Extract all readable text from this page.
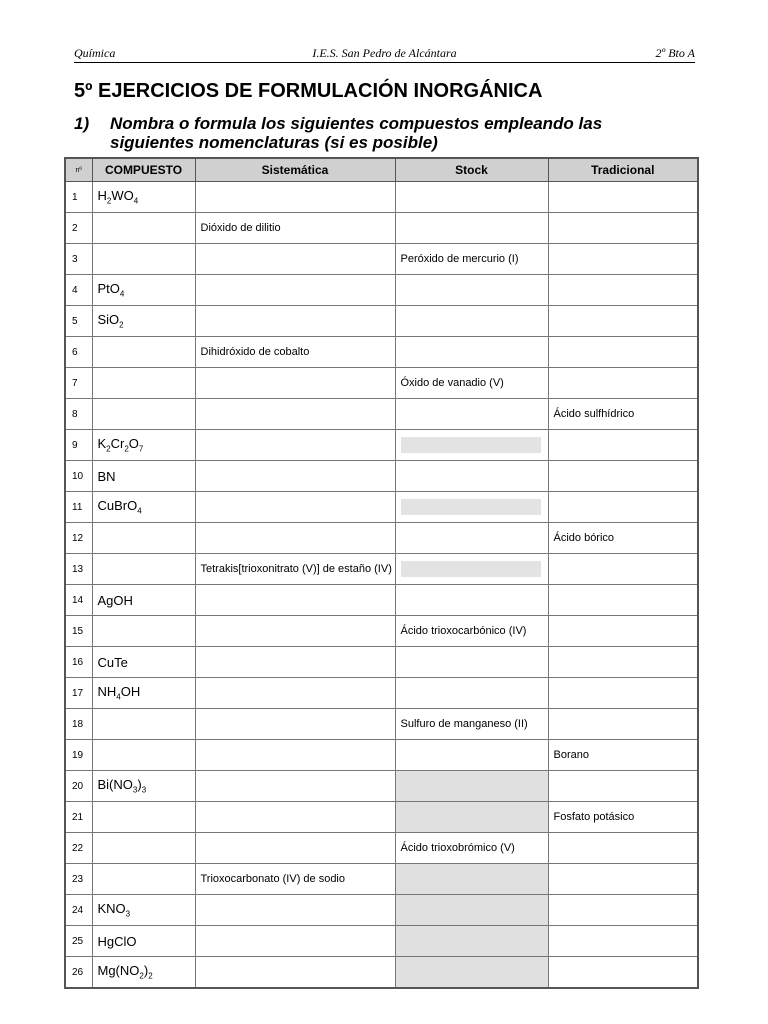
Química	I.E.S. San Pedro de Alcántara	2º Bto A
5º EJERCICIOS DE FORMULACIÓN INORGÁNICA
1) Nombra o formula los siguientes compuestos empleando las siguientes nomenclaturas (si es posible)
nº	COMPUESTO	Sistemática	Stock	Tradicional
1	$H_2WO_4$			
2		Dióxido de dilitio		
3			Peróxido de mercurio (I)	
4	PtO$_4$			
5	SiO$_2$			
6		Dihidróxido de cobalto		
7			Óxido de vanadio (V)	
8				Ácido sulfhídrico
9	$K_2Cr_2O_7$		

10	BN			
11	CuBrO$_4$		

12				Ácido bórico
13		Tetrakis[trioxonitrato (V)] de estaño (IV)	

14	AgOH			
15			Ácido trioxocarbónico (IV)	
16	CuTe			
17	$NH_4OH$			
18			Sulfuro de manganeso (II)	
19				Borano
20	$Bi(NO_3)_3$			
21				Fosfato potásico
22			Ácido trioxobrómico (V)	
23		Trioxocarbonato (IV) de sodio		
24	$KNO_3$			
25	HgClO			
26	$Mg(NO_2)_2$			
